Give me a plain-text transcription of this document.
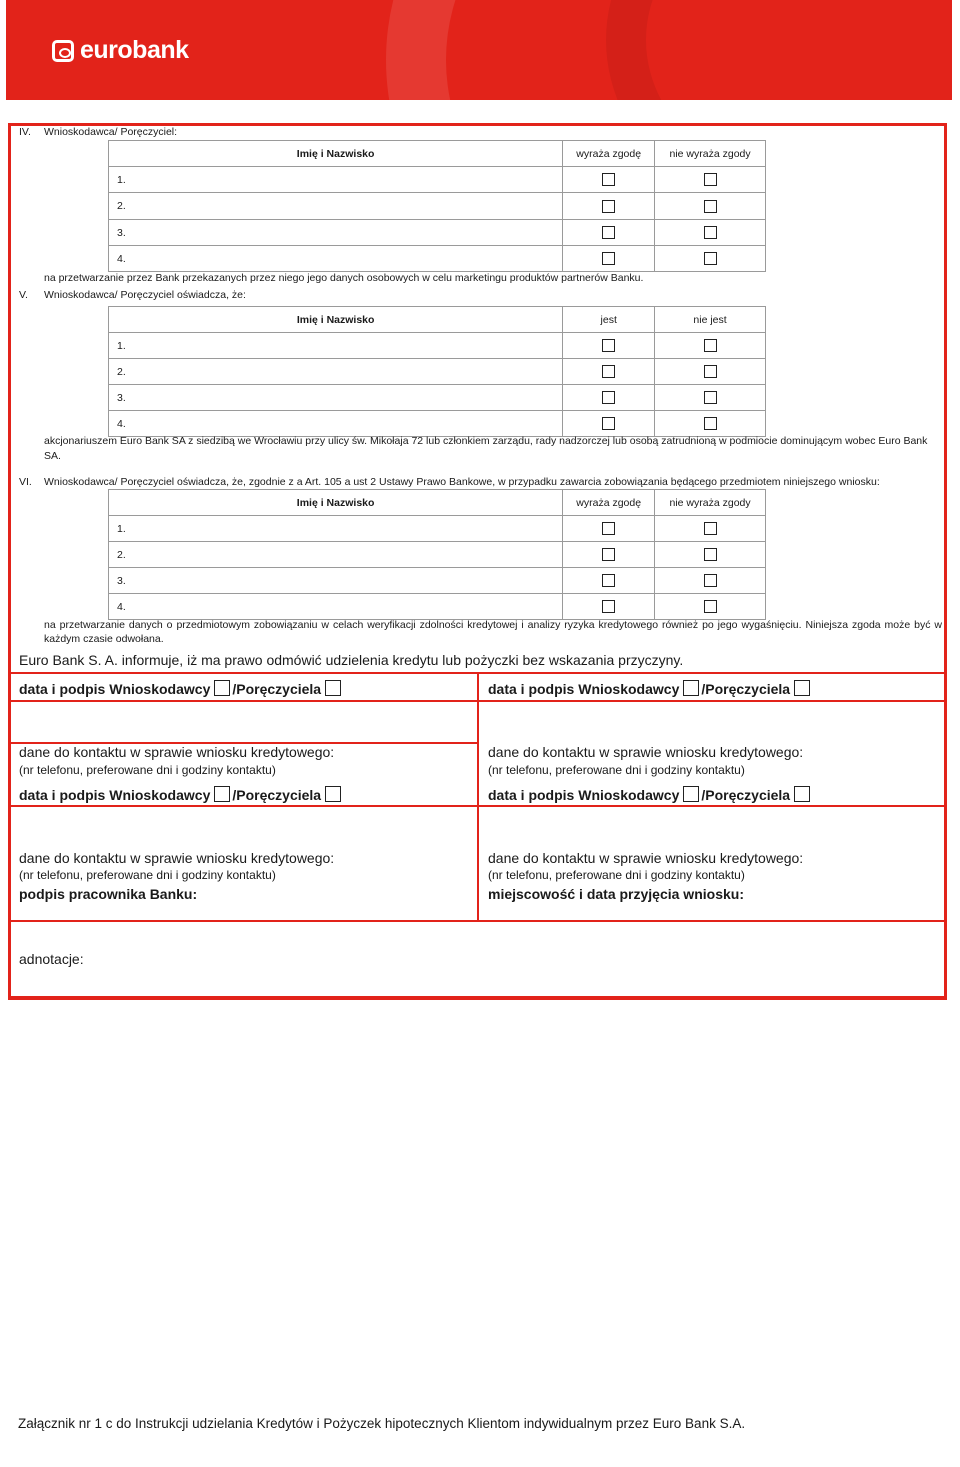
eurobank
IV. Wnioskodawca/ Poręczyciel:
Imię i Nazwisko	wyraża zgodę	nie wyraża zgody
1.		
2.		
3.		
4.		
na przetwarzanie przez Bank przekazanych przez niego jego danych osobowych w celu marketingu produktów partnerów Banku.
V. Wnioskodawca/ Poręczyciel oświadcza, że:
Imię i Nazwisko	jest	nie jest
1.		
2.		
3.		
4.		
akcjonariuszem Euro Bank SA z siedzibą we Wrocławiu przy ulicy św. Mikołaja 72 lub członkiem zarządu, rady nadzorczej lub osobą zatrudnioną w podmiocie dominującym wobec Euro Bank SA.
VI. Wnioskodawca/ Poręczyciel oświadcza, że, zgodnie z a Art. 105 a ust 2 Ustawy Prawo Bankowe, w przypadku zawarcia zobowiązania będącego przedmiotem niniejszego wniosku:
Imię i Nazwisko	wyraża zgodę	nie wyraża zgody
1.		
2.		
3.		
4.		
na przetwarzanie danych o przedmiotowym zobowiązaniu w celach weryfikacji zdolności kredytowej i analizy ryzyka kredytowego również po jego wygaśnięciu. Niniejsza zgoda może być w każdym czasie odwołana.
Euro Bank S. A. informuje, iż ma prawo odmówić udzielenia kredytu lub pożyczki bez wskazania przyczyny.
data i podpis Wnioskodawcy /Poręczyciela	data i podpis Wnioskodawcy /Poręczyciela
dane do kontaktu w sprawie wniosku kredytowego:
(nr telefonu, preferowane dni i godziny kontaktu)
dane do kontaktu w sprawie wniosku kredytowego:
(nr telefonu, preferowane dni i godziny kontaktu)
data i podpis Wnioskodawcy /Poręczyciela	data i podpis Wnioskodawcy /Poręczyciela
dane do kontaktu w sprawie wniosku kredytowego:
(nr telefonu, preferowane dni i godziny kontaktu)
dane do kontaktu w sprawie wniosku kredytowego:
(nr telefonu, preferowane dni i godziny kontaktu)
podpis pracownika Banku:	miejscowość i data przyjęcia wniosku:
adnotacje:
Załącznik nr 1 c do Instrukcji udzielania Kredytów i Pożyczek hipotecznych Klientom indywidualnym przez Euro Bank S.A.
